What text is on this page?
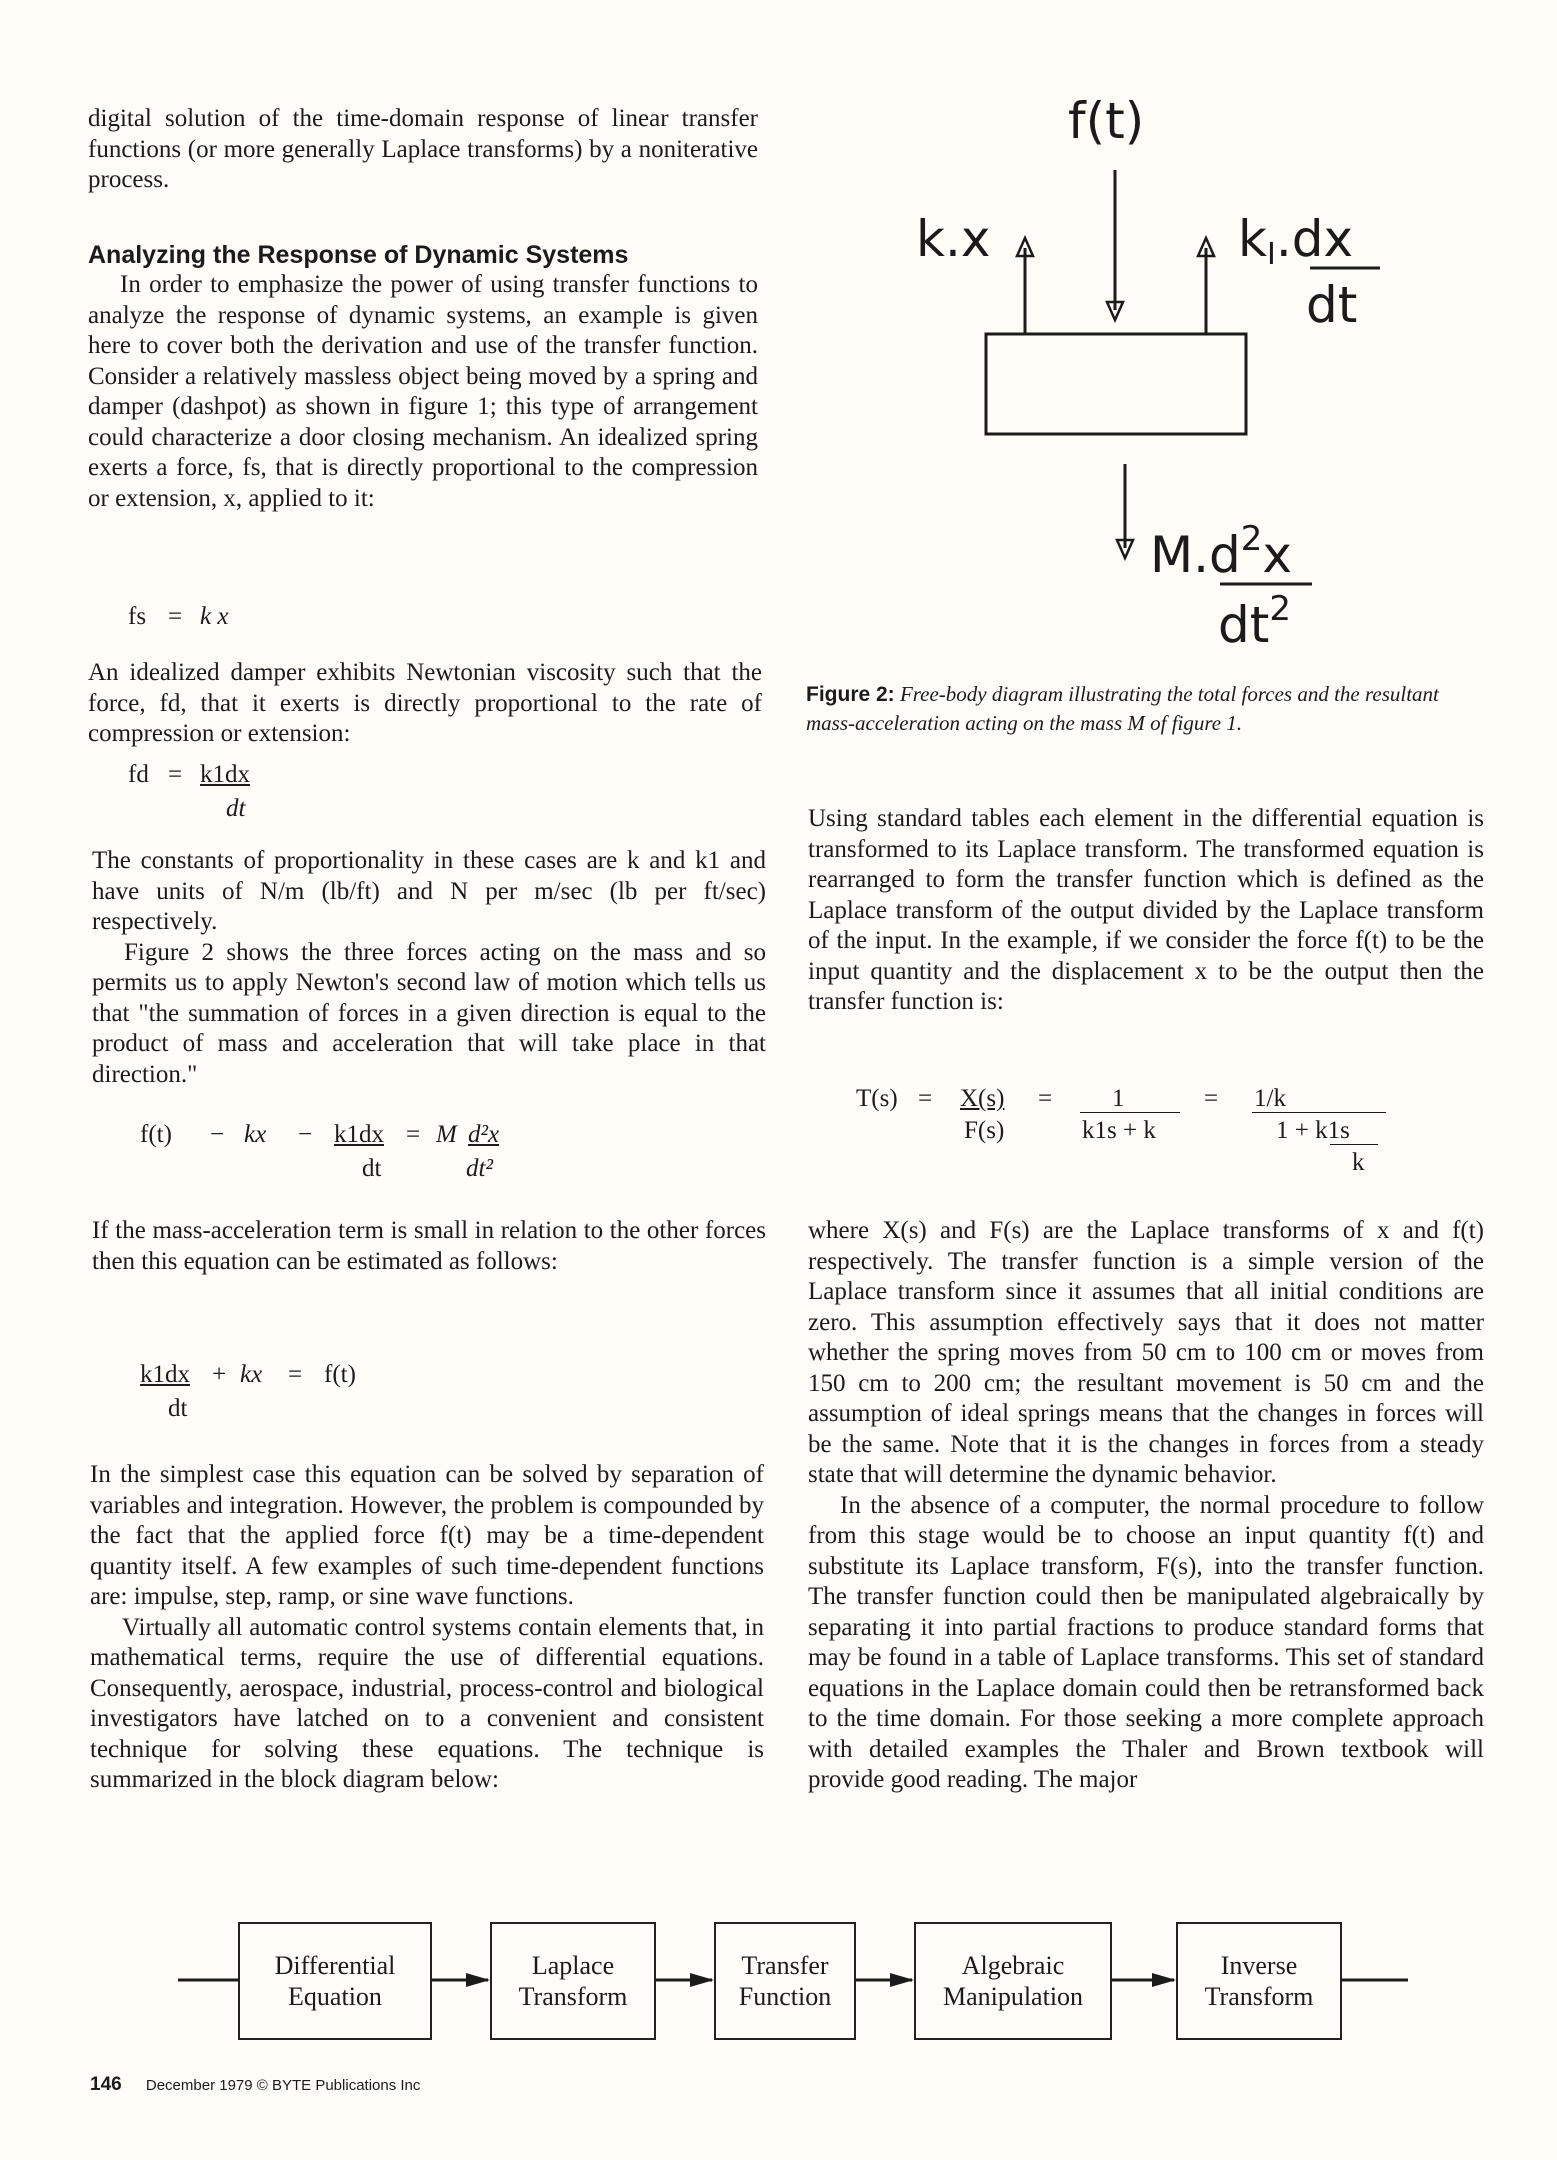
digital solution of the time-domain response of linear transfer functions (or more generally Laplace transforms) by a noniterative process.

Analyzing the Response of Dynamic Systems

In order to emphasize the power of using transfer functions to analyze the response of dynamic systems, an example is given here to cover both the derivation and use of the transfer function. Consider a relatively massless object being moved by a spring and damper (dashpot) as shown in figure 1; this type of arrangement could characterize a door closing mechanism. An idealized spring exerts a force, fs, that is directly proportional to the compression or extension, x, applied to it:

fs = k x

An idealized damper exhibits Newtonian viscosity such that the force, fd, that it exerts is directly proportional to the rate of compression or extension:

fd = k1dx
dt

The constants of proportionality in these cases are k and k1 and have units of N/m (lb/ft) and N per m/sec (lb per ft/sec) respectively.

Figure 2 shows the three forces acting on the mass and so permits us to apply Newton's second law of motion which tells us that "the summation of forces in a given direction is equal to the product of mass and acceleration that will take place in that direction."

f(t) − kx − k1dx
dt
= M d²x
dt²

If the mass-acceleration term is small in relation to the other forces then this equation can be estimated as follows:

k1dx
dt
+ kx = f(t)

In the simplest case this equation can be solved by separation of variables and integration. However, the problem is compounded by the fact that the applied force f(t) may be a time-dependent quantity itself. A few examples of such time-dependent functions are: impulse, step, ramp, or sine wave functions.

Virtually all automatic control systems contain elements that, in mathematical terms, require the use of differential equations. Consequently, aerospace, industrial, process-control and biological investigators have latched on to a convenient and consistent technique for solving these equations. The technique is summarized in the block diagram below:

f(t)
k.x	kI.dx
dt
$M.d^2x$
$dt^2$
Figure 2: Free-body diagram illustrating the total forces and the resultant mass-acceleration acting on the mass M of figure 1.

Using standard tables each element in the differential equation is transformed to its Laplace transform. The transformed equation is rearranged to form the transfer function which is defined as the Laplace transform of the output divided by the Laplace transform of the input. In the example, if we consider the force f(t) to be the input quantity and the displacement x to be the output then the transfer function is:

T(s) = X(s)
F(s)
= 1
k1s + k
= 1/k
1 + k1s
k

where X(s) and F(s) are the Laplace transforms of x and f(t) respectively. The transfer function is a simple version of the Laplace transform since it assumes that all initial conditions are zero. This assumption effectively says that it does not matter whether the spring moves from 50 cm to 100 cm or moves from 150 cm to 200 cm; the resultant movement is 50 cm and the assumption of ideal springs means that the changes in forces will be the same. Note that it is the changes in forces from a steady state that will determine the dynamic behavior.

In the absence of a computer, the normal procedure to follow from this stage would be to choose an input quantity f(t) and substitute its Laplace transform, F(s), into the transfer function. The transfer function could then be manipulated algebraically by separating it into partial fractions to produce standard forms that may be found in a table of Laplace transforms. This set of standard equations in the Laplace domain could then be retransformed back to the time domain. For those seeking a more complete approach with detailed examples the Thaler and Brown textbook will provide good reading. The major

Differential
Equation
Laplace
Transform
Transfer
Function
Algebraic
Manipulation
Inverse
Transform
146 December 1979 © BYTE Publications Inc
